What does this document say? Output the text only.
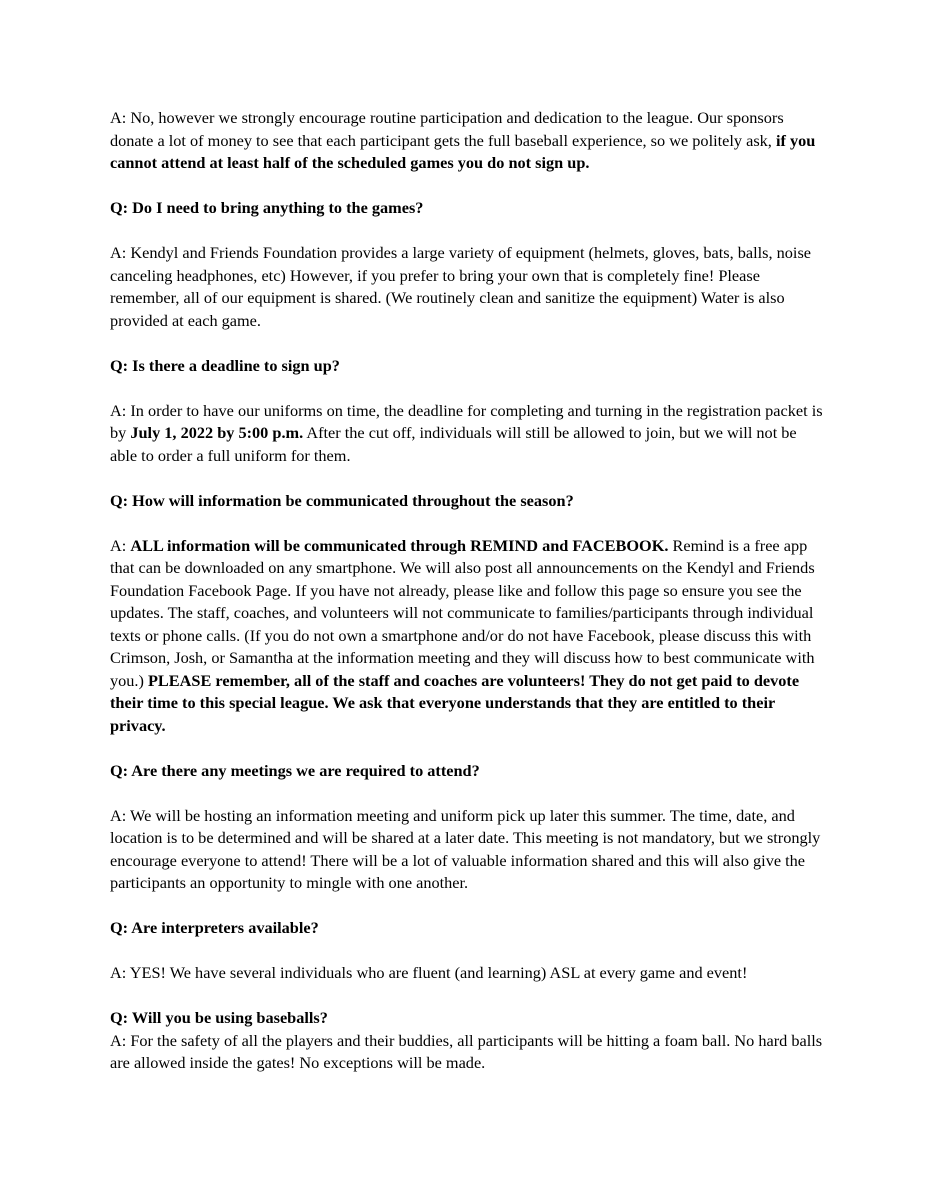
A: No, however we strongly encourage routine participation and dedication to the league. Our sponsors donate a lot of money to see that each participant gets the full baseball experience, so we politely ask, if you cannot attend at least half of the scheduled games you do not sign up.

Q: Do I need to bring anything to the games?

A: Kendyl and Friends Foundation provides a large variety of equipment (helmets, gloves, bats, balls, noise canceling headphones, etc) However, if you prefer to bring your own that is completely fine! Please remember, all of our equipment is shared. (We routinely clean and sanitize the equipment) Water is also provided at each game.

Q: Is there a deadline to sign up?

A: In order to have our uniforms on time, the deadline for completing and turning in the registration packet is by July 1, 2022 by 5:00 p.m. After the cut off, individuals will still be allowed to join, but we will not be able to order a full uniform for them.

Q: How will information be communicated throughout the season?

A: ALL information will be communicated through REMIND and FACEBOOK. Remind is a free app that can be downloaded on any smartphone. We will also post all announcements on the Kendyl and Friends Foundation Facebook Page. If you have not already, please like and follow this page so ensure you see the updates. The staff, coaches, and volunteers will not communicate to families/participants through individual texts or phone calls. (If you do not own a smartphone and/or do not have Facebook, please discuss this with Crimson, Josh, or Samantha at the information meeting and they will discuss how to best communicate with you.) PLEASE remember, all of the staff and coaches are volunteers! They do not get paid to devote their time to this special league. We ask that everyone understands that they are entitled to their privacy.

Q: Are there any meetings we are required to attend?

A: We will be hosting an information meeting and uniform pick up later this summer. The time, date, and location is to be determined and will be shared at a later date. This meeting is not mandatory, but we strongly encourage everyone to attend! There will be a lot of valuable information shared and this will also give the participants an opportunity to mingle with one another.

Q: Are interpreters available?

A: YES! We have several individuals who are fluent (and learning) ASL at every game and event!

Q: Will you be using baseballs?

A: For the safety of all the players and their buddies, all participants will be hitting a foam ball. No hard balls are allowed inside the gates! No exceptions will be made.
